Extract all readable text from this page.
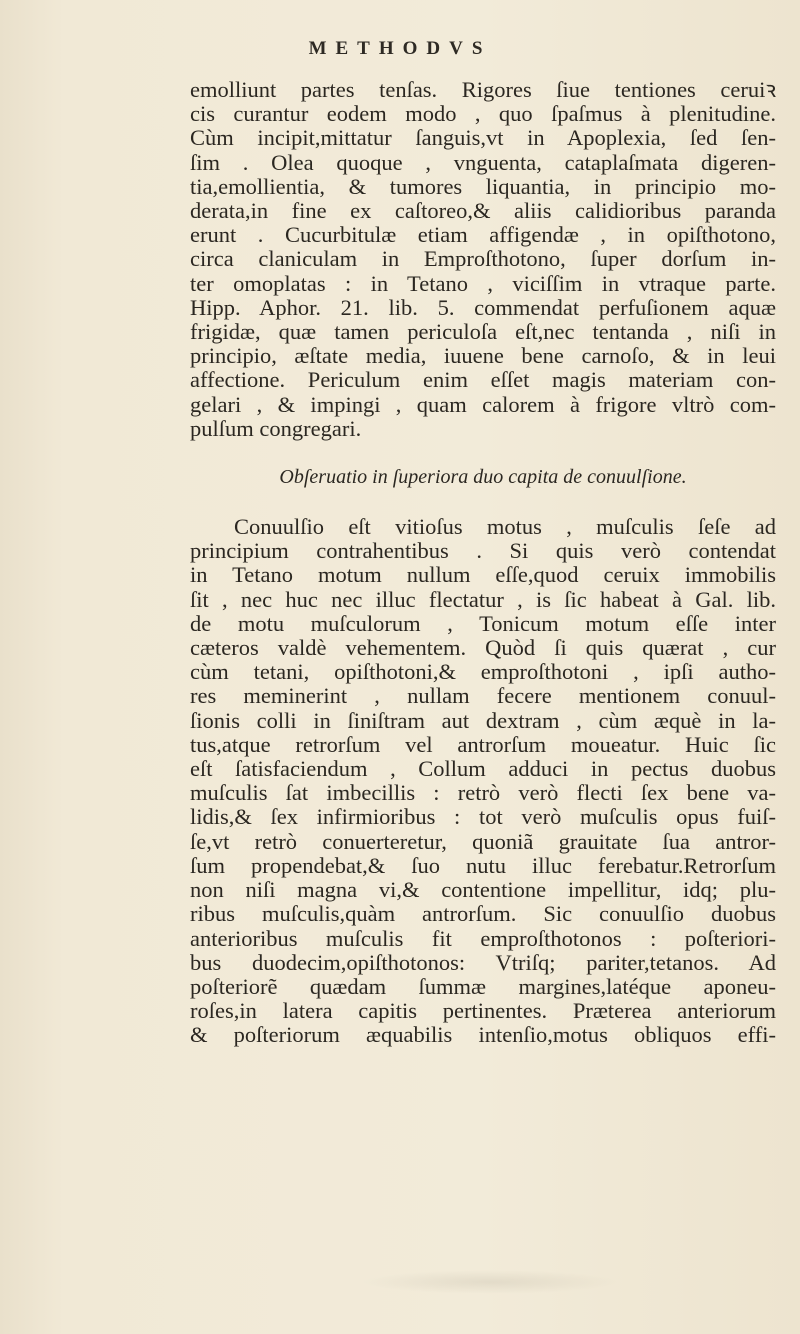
METHODVS
emolliunt partes tenſas. Rigores ſiue tentiones ceruiꝛ
cis curantur eodem modo , quo ſpaſmus à plenitudine.
Cùm incipit,mittatur ſanguis,vt in Apoplexia, ſed ſen-
ſim . Olea quoque , vnguenta, cataplaſmata digeren-
tia,emollientia, & tumores liquantia, in principio mo-
derata,in fine ex caſtoreo,& aliis calidioribus paranda
erunt . Cucurbitulæ etiam affigendæ , in opiſthotono,
circa claniculam in Emproſthotono, ſuper dorſum in-
ter omoplatas : in Tetano , viciſſim in vtraque parte.
Hipp. Aphor. 21. lib. 5. commendat perfuſionem aquæ
frigidæ, quæ tamen periculoſa eſt,nec tentanda , niſi in
principio, æſtate media, iuuene bene carnoſo, & in leui
affectione. Periculum enim eſſet magis materiam con-
gelari , & impingi , quam calorem à frigore vltrò com-
pulſum congregari.
Obſeruatio in ſuperiora duo capita de conuulſione.
Conuulſio eſt vitioſus motus , muſculis ſeſe ad
principium contrahentibus . Si quis verò contendat
in Tetano motum nullum eſſe,quod ceruix immobilis
ſit , nec huc nec illuc flectatur , is ſic habeat à Gal. lib.
de motu muſculorum , Tonicum motum eſſe inter
cæteros valdè vehementem. Quòd ſi quis quærat , cur
cùm tetani, opiſthotoni,& emproſthotoni , ipſi autho-
res meminerint , nullam fecere mentionem conuul-
ſionis colli in ſiniſtram aut dextram , cùm æquè in la-
tus,atque retrorſum vel antrorſum moueatur. Huic ſic
eſt ſatisfaciendum , Collum adduci in pectus duobus
muſculis ſat imbecillis : retrò verò flecti ſex bene va-
lidis,& ſex infirmioribus : tot verò muſculis opus fuiſ-
ſe,vt retrò conuerteretur, quoniã grauitate ſua antror-
ſum propendebat,& ſuo nutu illuc ferebatur.Retrorſum
non niſi magna vi,& contentione impellitur, idq; plu-
ribus muſculis,quàm antrorſum. Sic conuulſio duobus
anterioribus muſculis fit emproſthotonos : poſteriori-
bus duodecim,opiſthotonos: Vtriſq; pariter,tetanos. Ad
poſteriorẽ quædam ſummæ margines,latéque aponeu-
roſes,in latera capitis pertinentes. Præterea anteriorum
& poſteriorum æquabilis intenſio,motus obliquos effi-
